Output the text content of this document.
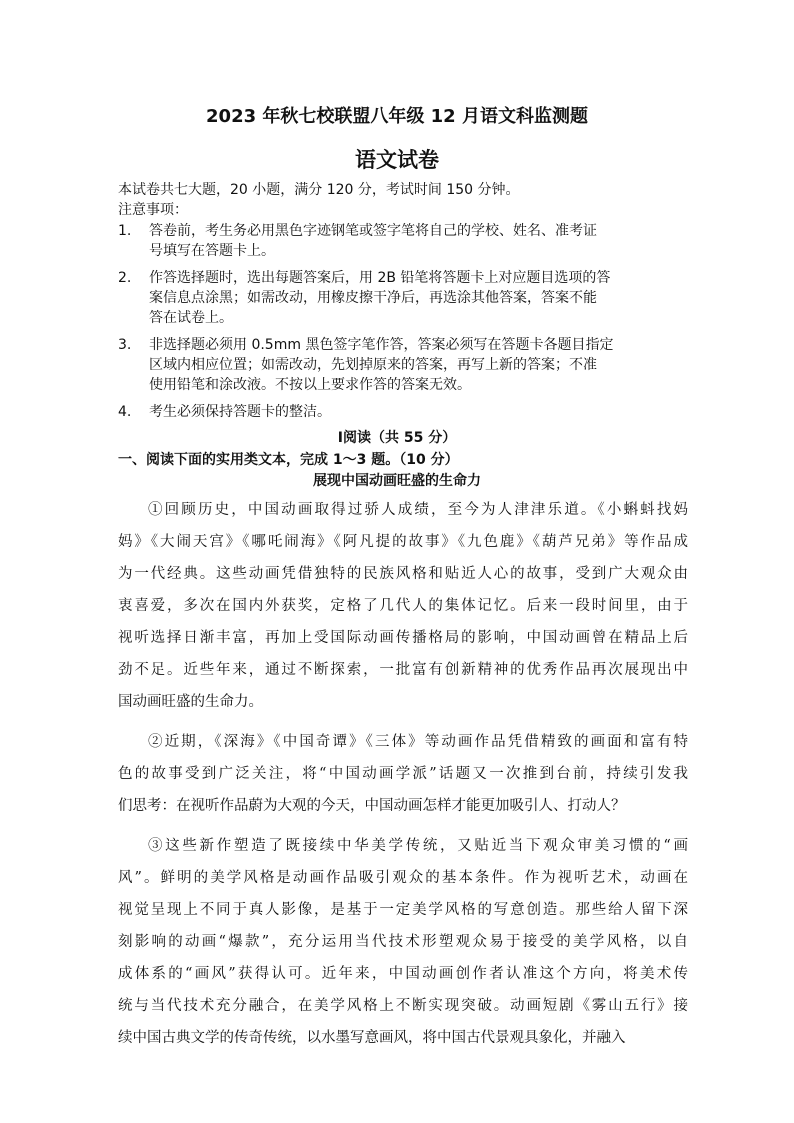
2023 年秋七校联盟八年级 12 月语文科监测题
语文试卷

本试卷共七大题，20 小题，满分 120 分，考试时间 150 分钟。

注意事项：

1. 答卷前，考生务必用黑色字迹钢笔或签字笔将自己的学校、姓名、准考证
号填写在答题卡上。
2. 作答选择题时，选出每题答案后，用 2B 铅笔将答题卡上对应题目选项的答
案信息点涂黑；如需改动，用橡皮擦干净后，再选涂其他答案，答案不能
答在试卷上。
3. 非选择题必须用 0.5mm 黑色签字笔作答，答案必须写在答题卡各题目指定
区域内相应位置；如需改动，先划掉原来的答案，再写上新的答案；不准
使用铅笔和涂改液。不按以上要求作答的答案无效。
4. 考生必须保持答题卡的整洁。
Ⅰ阅读（共 55 分）
一、阅读下面的实用类文本，完成 1～3 题。（10 分）
展现中国动画旺盛的生命力
①回顾历史，中国动画取得过骄人成绩，至今为人津津乐道。《小蝌蚪找妈
妈》《大闹天宫》《哪吒闹海》《阿凡提的故事》《九色鹿》《葫芦兄弟》等作品成
为一代经典。这些动画凭借独特的民族风格和贴近人心的故事，受到广大观众由
衷喜爱，多次在国内外获奖，定格了几代人的集体记忆。后来一段时间里，由于
视听选择日渐丰富，再加上受国际动画传播格局的影响，中国动画曾在精品上后
劲不足。近些年来，通过不断探索，一批富有创新精神的优秀作品再次展现出中
国动画旺盛的生命力。
②近期，《深海》《中国奇谭》《三体》等动画作品凭借精致的画面和富有特
色的故事受到广泛关注，将“中国动画学派”话题又一次推到台前，持续引发我
们思考：在视听作品蔚为大观的今天，中国动画怎样才能更加吸引人、打动人？
③这些新作塑造了既接续中华美学传统，又贴近当下观众审美习惯的“画
风”。鲜明的美学风格是动画作品吸引观众的基本条件。作为视听艺术，动画在
视觉呈现上不同于真人影像，是基于一定美学风格的写意创造。那些给人留下深
刻影响的动画“爆款”，充分运用当代技术形塑观众易于接受的美学风格，以自
成体系的“画风”获得认可。近年来，中国动画创作者认准这个方向，将美术传
统与当代技术充分融合，在美学风格上不断实现突破。动画短剧《雾山五行》接
续中国古典文学的传奇传统，以水墨写意画风，将中国古代景观具象化，并融入
